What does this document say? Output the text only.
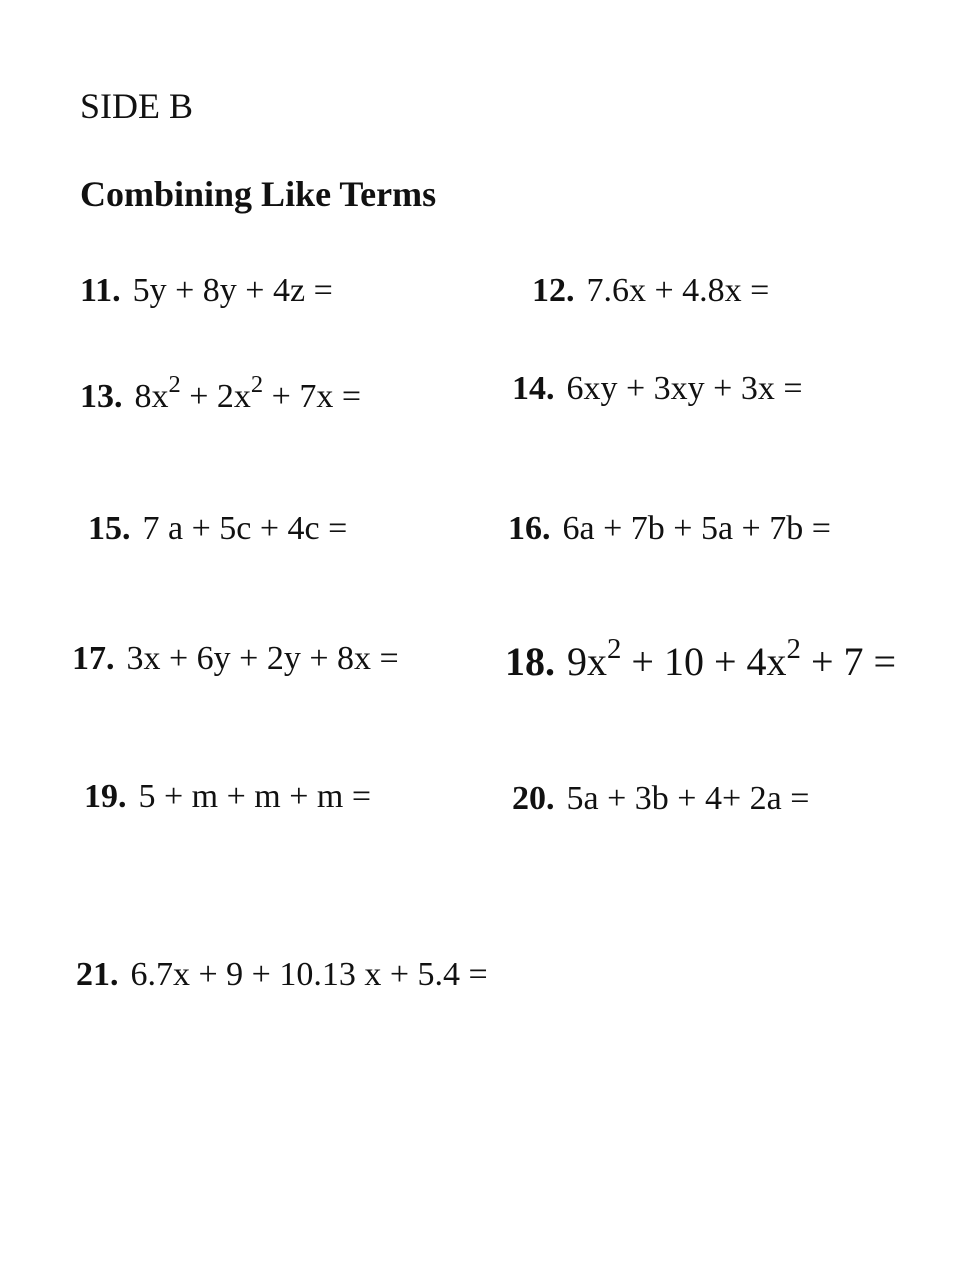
SIDE B
Combining Like Terms
11. 5y + 8y + 4z =	12. 7.6x + 4.8x =
13. $8x^2 + 2x^2 + 7x$ =	14. 6xy + 3xy + 3x =
15. 7 a + 5c + 4c =	16. 6a + 7b + 5a + 7b =
17. 3x + 6y + 2y + 8x =	18. $9x^2 + 10 + 4x^2 + 7$ =
19. 5 + m + m + m =	20. 5a + 3b + 4+ 2a =
21. 6.7x + 9 + 10.13 x + 5.4 =
